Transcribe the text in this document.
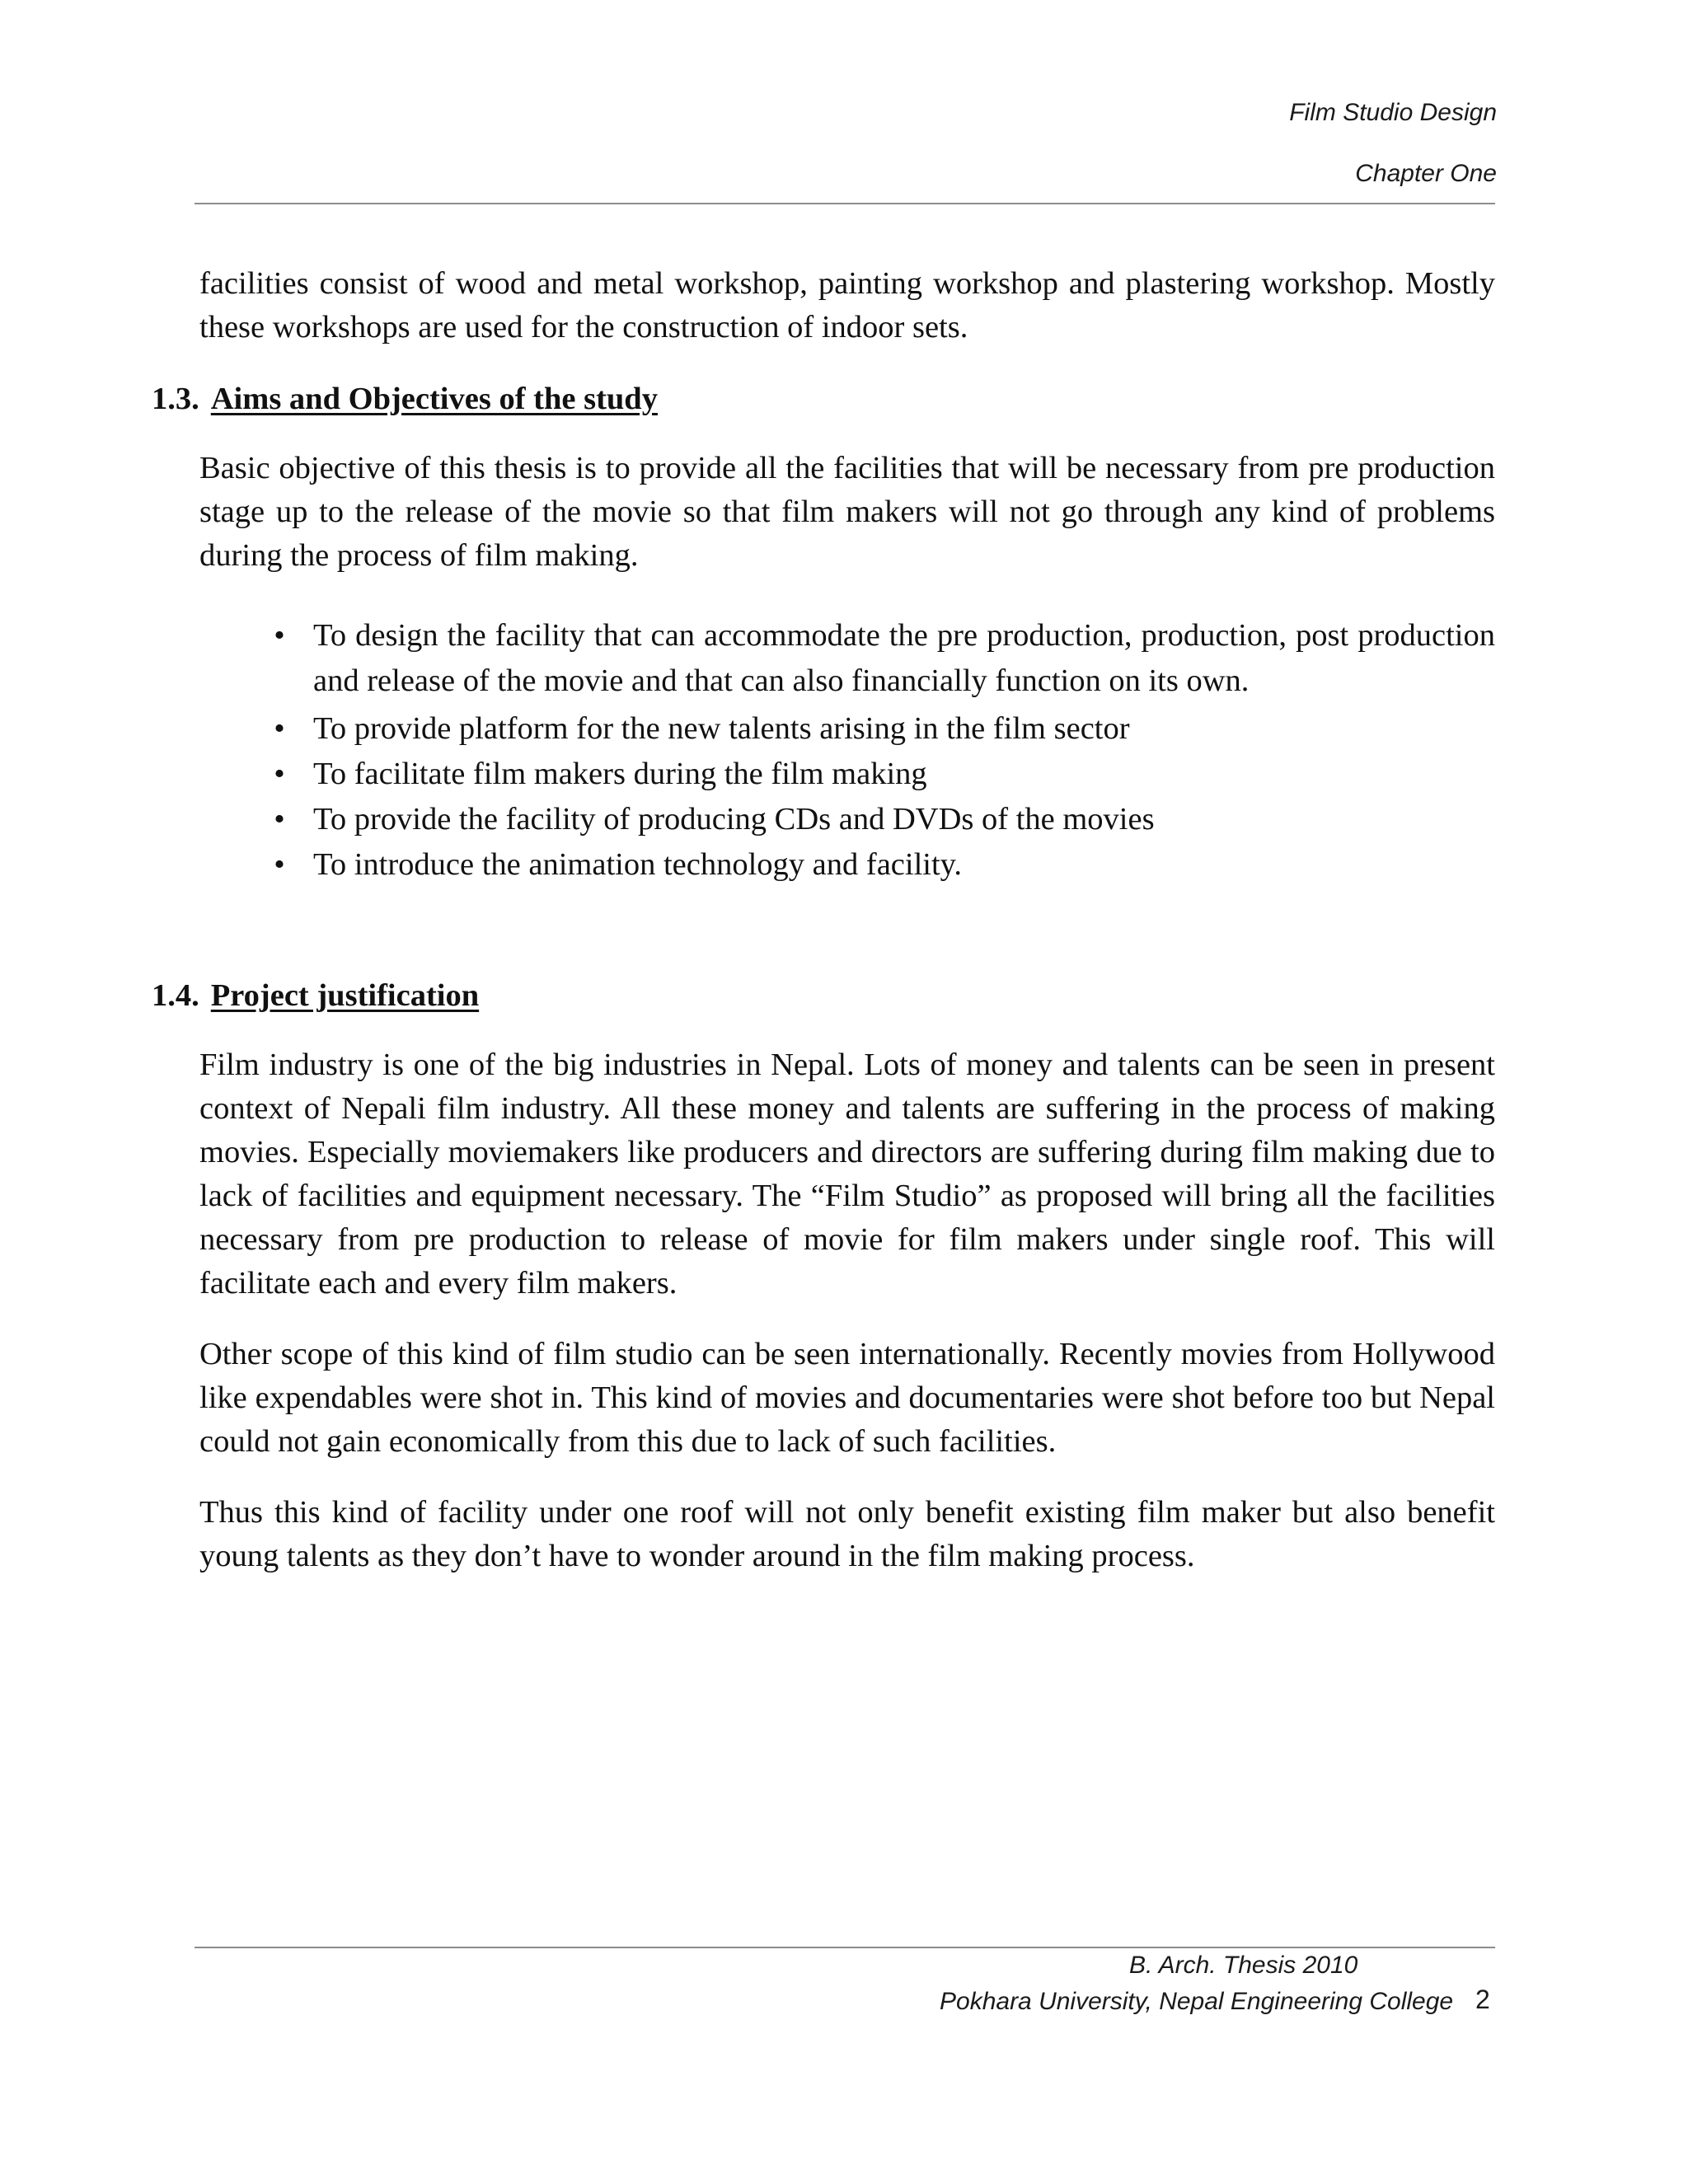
Film Studio Design
Chapter One

facilities consist of wood and metal workshop, painting workshop and plastering workshop. Mostly these workshops are used for the construction of indoor sets.

1.3. Aims and Objectives of the study

Basic objective of this thesis is to provide all the facilities that will be necessary from pre production stage up to the release of the movie so that film makers will not go through any kind of problems during the process of film making.

• To design the facility that can accommodate the pre production, production, post production and release of the movie and that can also financially function on its own.
• To provide platform for the new talents arising in the film sector
• To facilitate film makers during the film making
• To provide the facility of producing CDs and DVDs of the movies
• To introduce the animation technology and facility.
1.4. Project justification

Film industry is one of the big industries in Nepal. Lots of money and talents can be seen in present context of Nepali film industry. All these money and talents are suffering in the process of making movies. Especially moviemakers like producers and directors are suffering during film making due to lack of facilities and equipment necessary. The “Film Studio” as proposed will bring all the facilities necessary from pre production to release of movie for film makers under single roof. This will facilitate each and every film makers.

Other scope of this kind of film studio can be seen internationally. Recently movies from Hollywood like expendables were shot in. This kind of movies and documentaries were shot before too but Nepal could not gain economically from this due to lack of such facilities.

Thus this kind of facility under one roof will not only benefit existing film maker but also benefit young talents as they don’t have to wonder around in the film making process.

B. Arch. Thesis 2010
Pokhara University, Nepal Engineering College 2
